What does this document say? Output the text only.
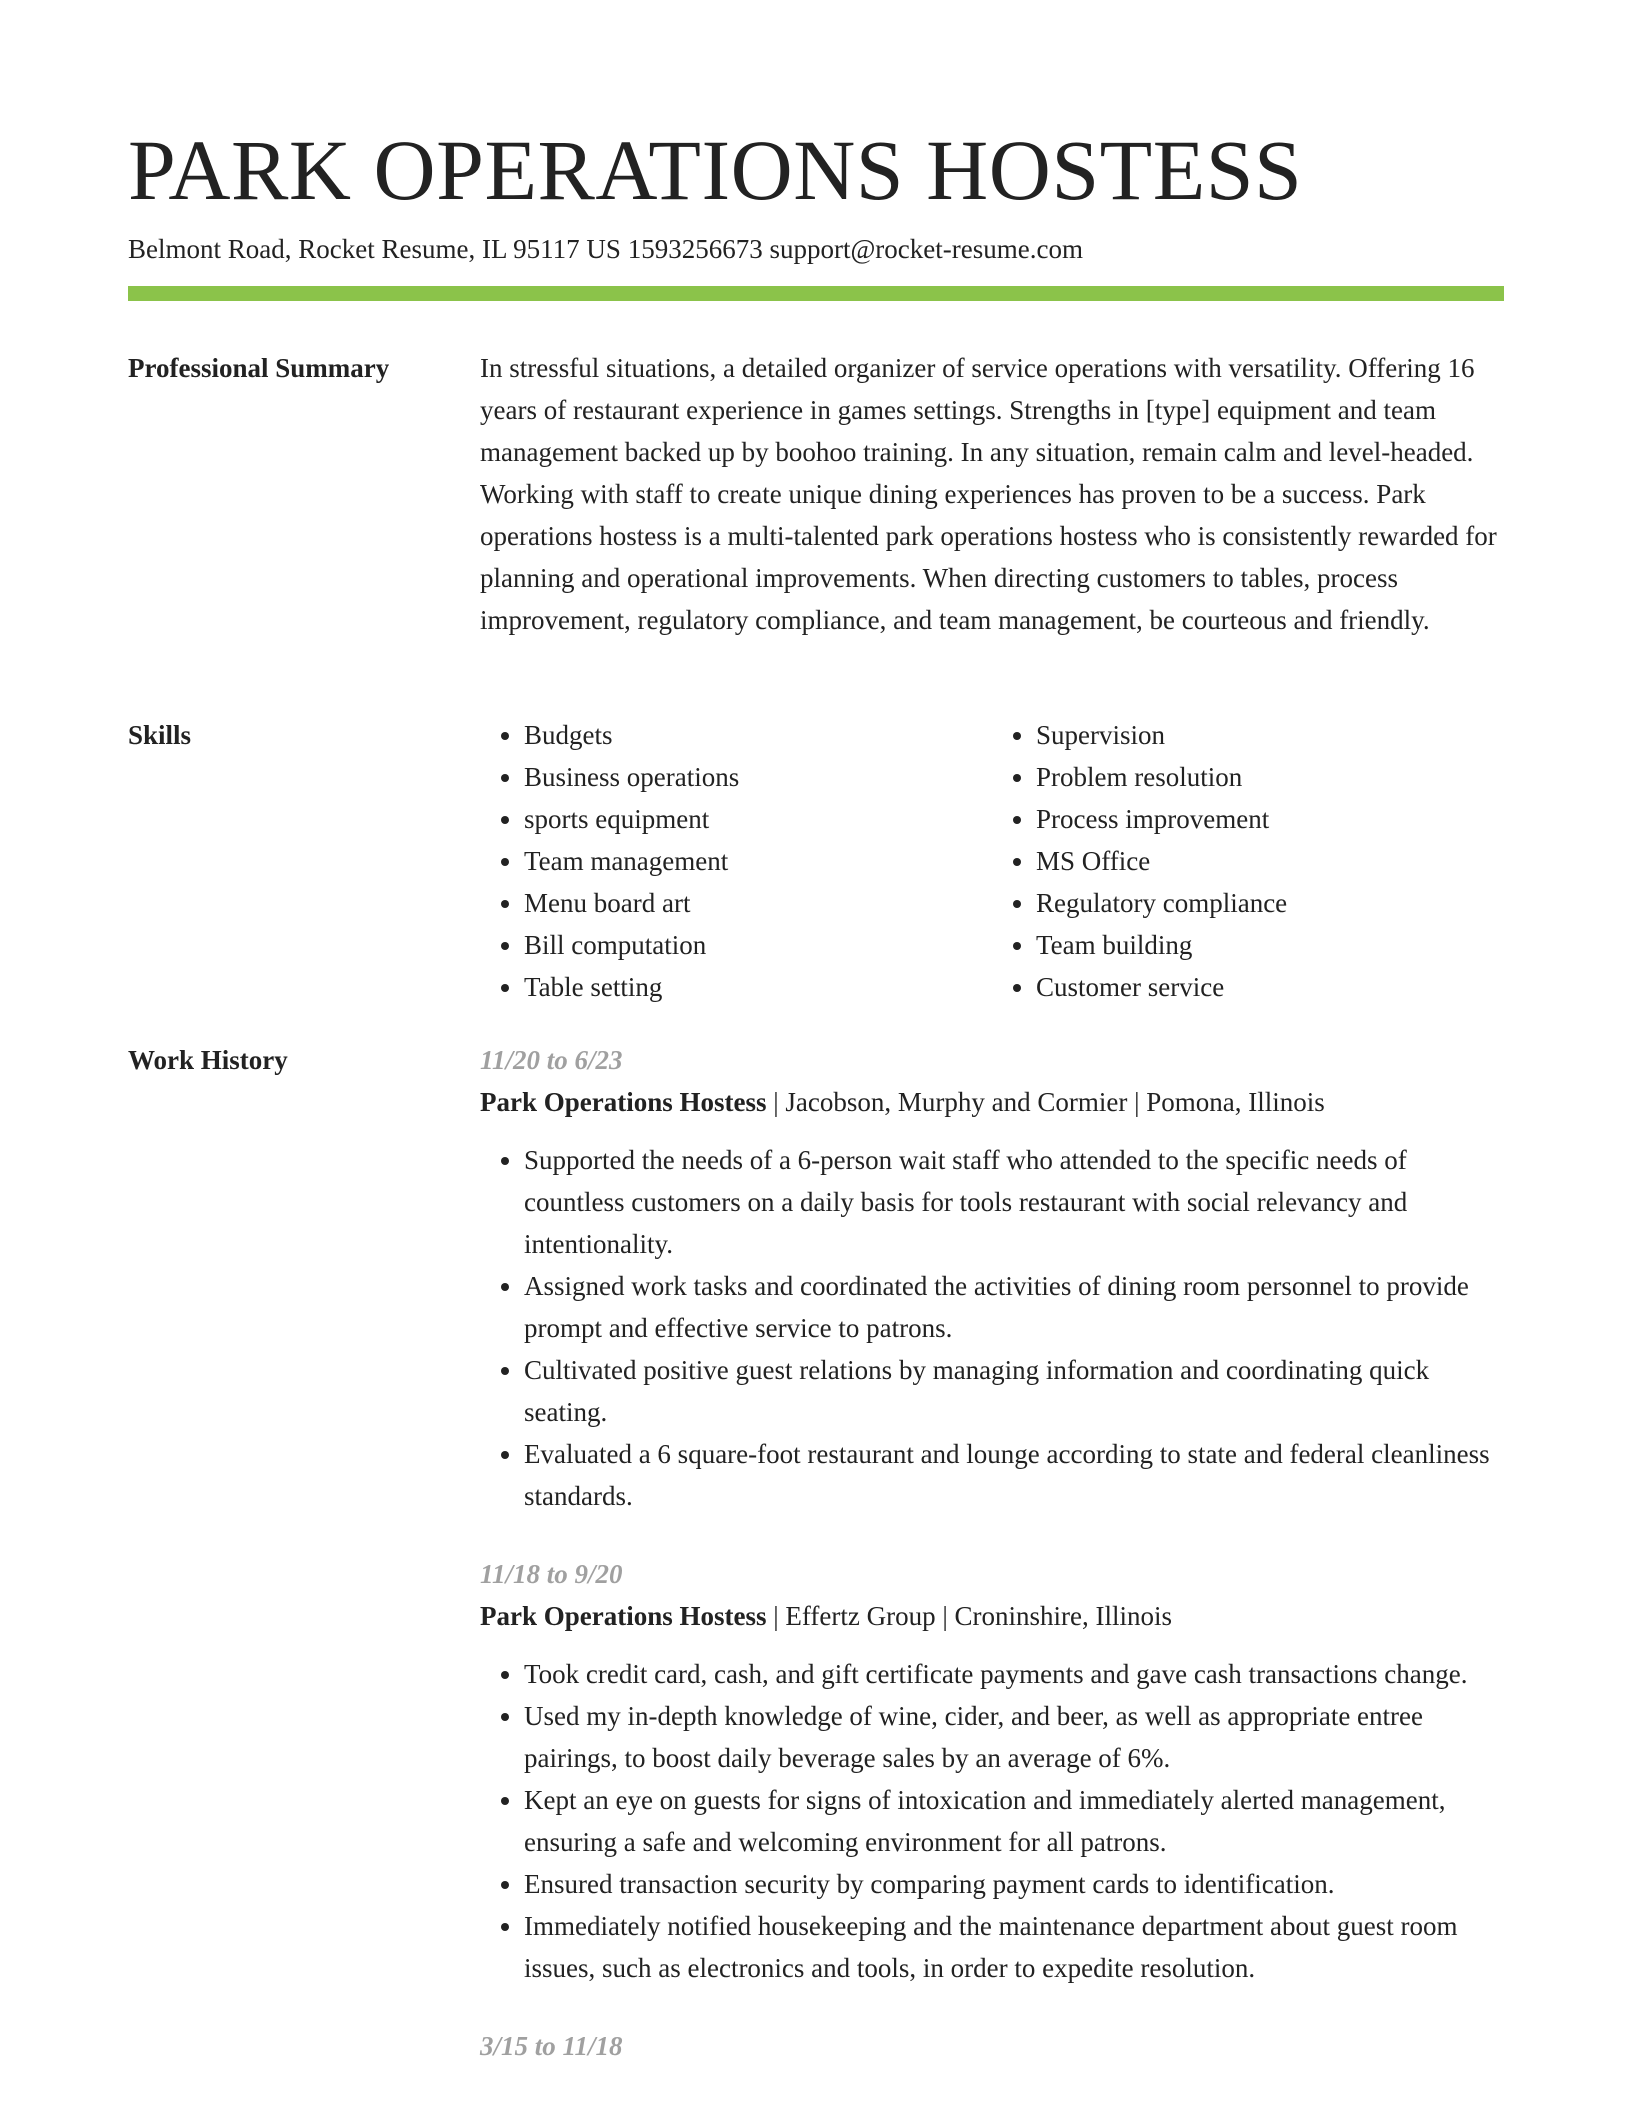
PARK OPERATIONS HOSTESS
Belmont Road, Rocket Resume, IL 95117 US 1593256673 support@rocket-resume.com
Professional Summary	In stressful situations, a detailed organizer of service operations with versatility. Offering 16 years of restaurant experience in games settings. Strengths in [type] equipment and team management backed up by boohoo training. In any situation, remain calm and level-headed. Working with staff to create unique dining experiences has proven to be a success. Park operations hostess is a multi-talented park operations hostess who is consistently rewarded for planning and operational improvements. When directing customers to tables, process improvement, regulatory compliance, and team management, be courteous and friendly.

Skills
•	Budgets
• Business operations
• sports equipment
• Team management
• Menu board art
• Bill computation
• Table setting
• Supervision
• Problem resolution
• Process improvement
• MS Office
• Regulatory compliance
• Team building
• Customer service
Work History	11/20 to 6/23
Park Operations Hostess | Jacobson, Murphy and Cormier | Pomona, Illinois
• Supported the needs of a 6-person wait staff who attended to the specific needs of countless customers on a daily basis for tools restaurant with social relevancy and intentionality.
• Assigned work tasks and coordinated the activities of dining room personnel to provide prompt and effective service to patrons.
• Cultivated positive guest relations by managing information and coordinating quick seating.
• Evaluated a 6 square-foot restaurant and lounge according to state and federal cleanliness standards.
11/18 to 9/20
Park Operations Hostess | Effertz Group | Croninshire, Illinois
• Took credit card, cash, and gift certificate payments and gave cash transactions change.
• Used my in-depth knowledge of wine, cider, and beer, as well as appropriate entree pairings, to boost daily beverage sales by an average of 6%.
• Kept an eye on guests for signs of intoxication and immediately alerted management, ensuring a safe and welcoming environment for all patrons.
• Ensured transaction security by comparing payment cards to identification.
• Immediately notified housekeeping and the maintenance department about guest room issues, such as electronics and tools, in order to expedite resolution.
3/15 to 11/18
